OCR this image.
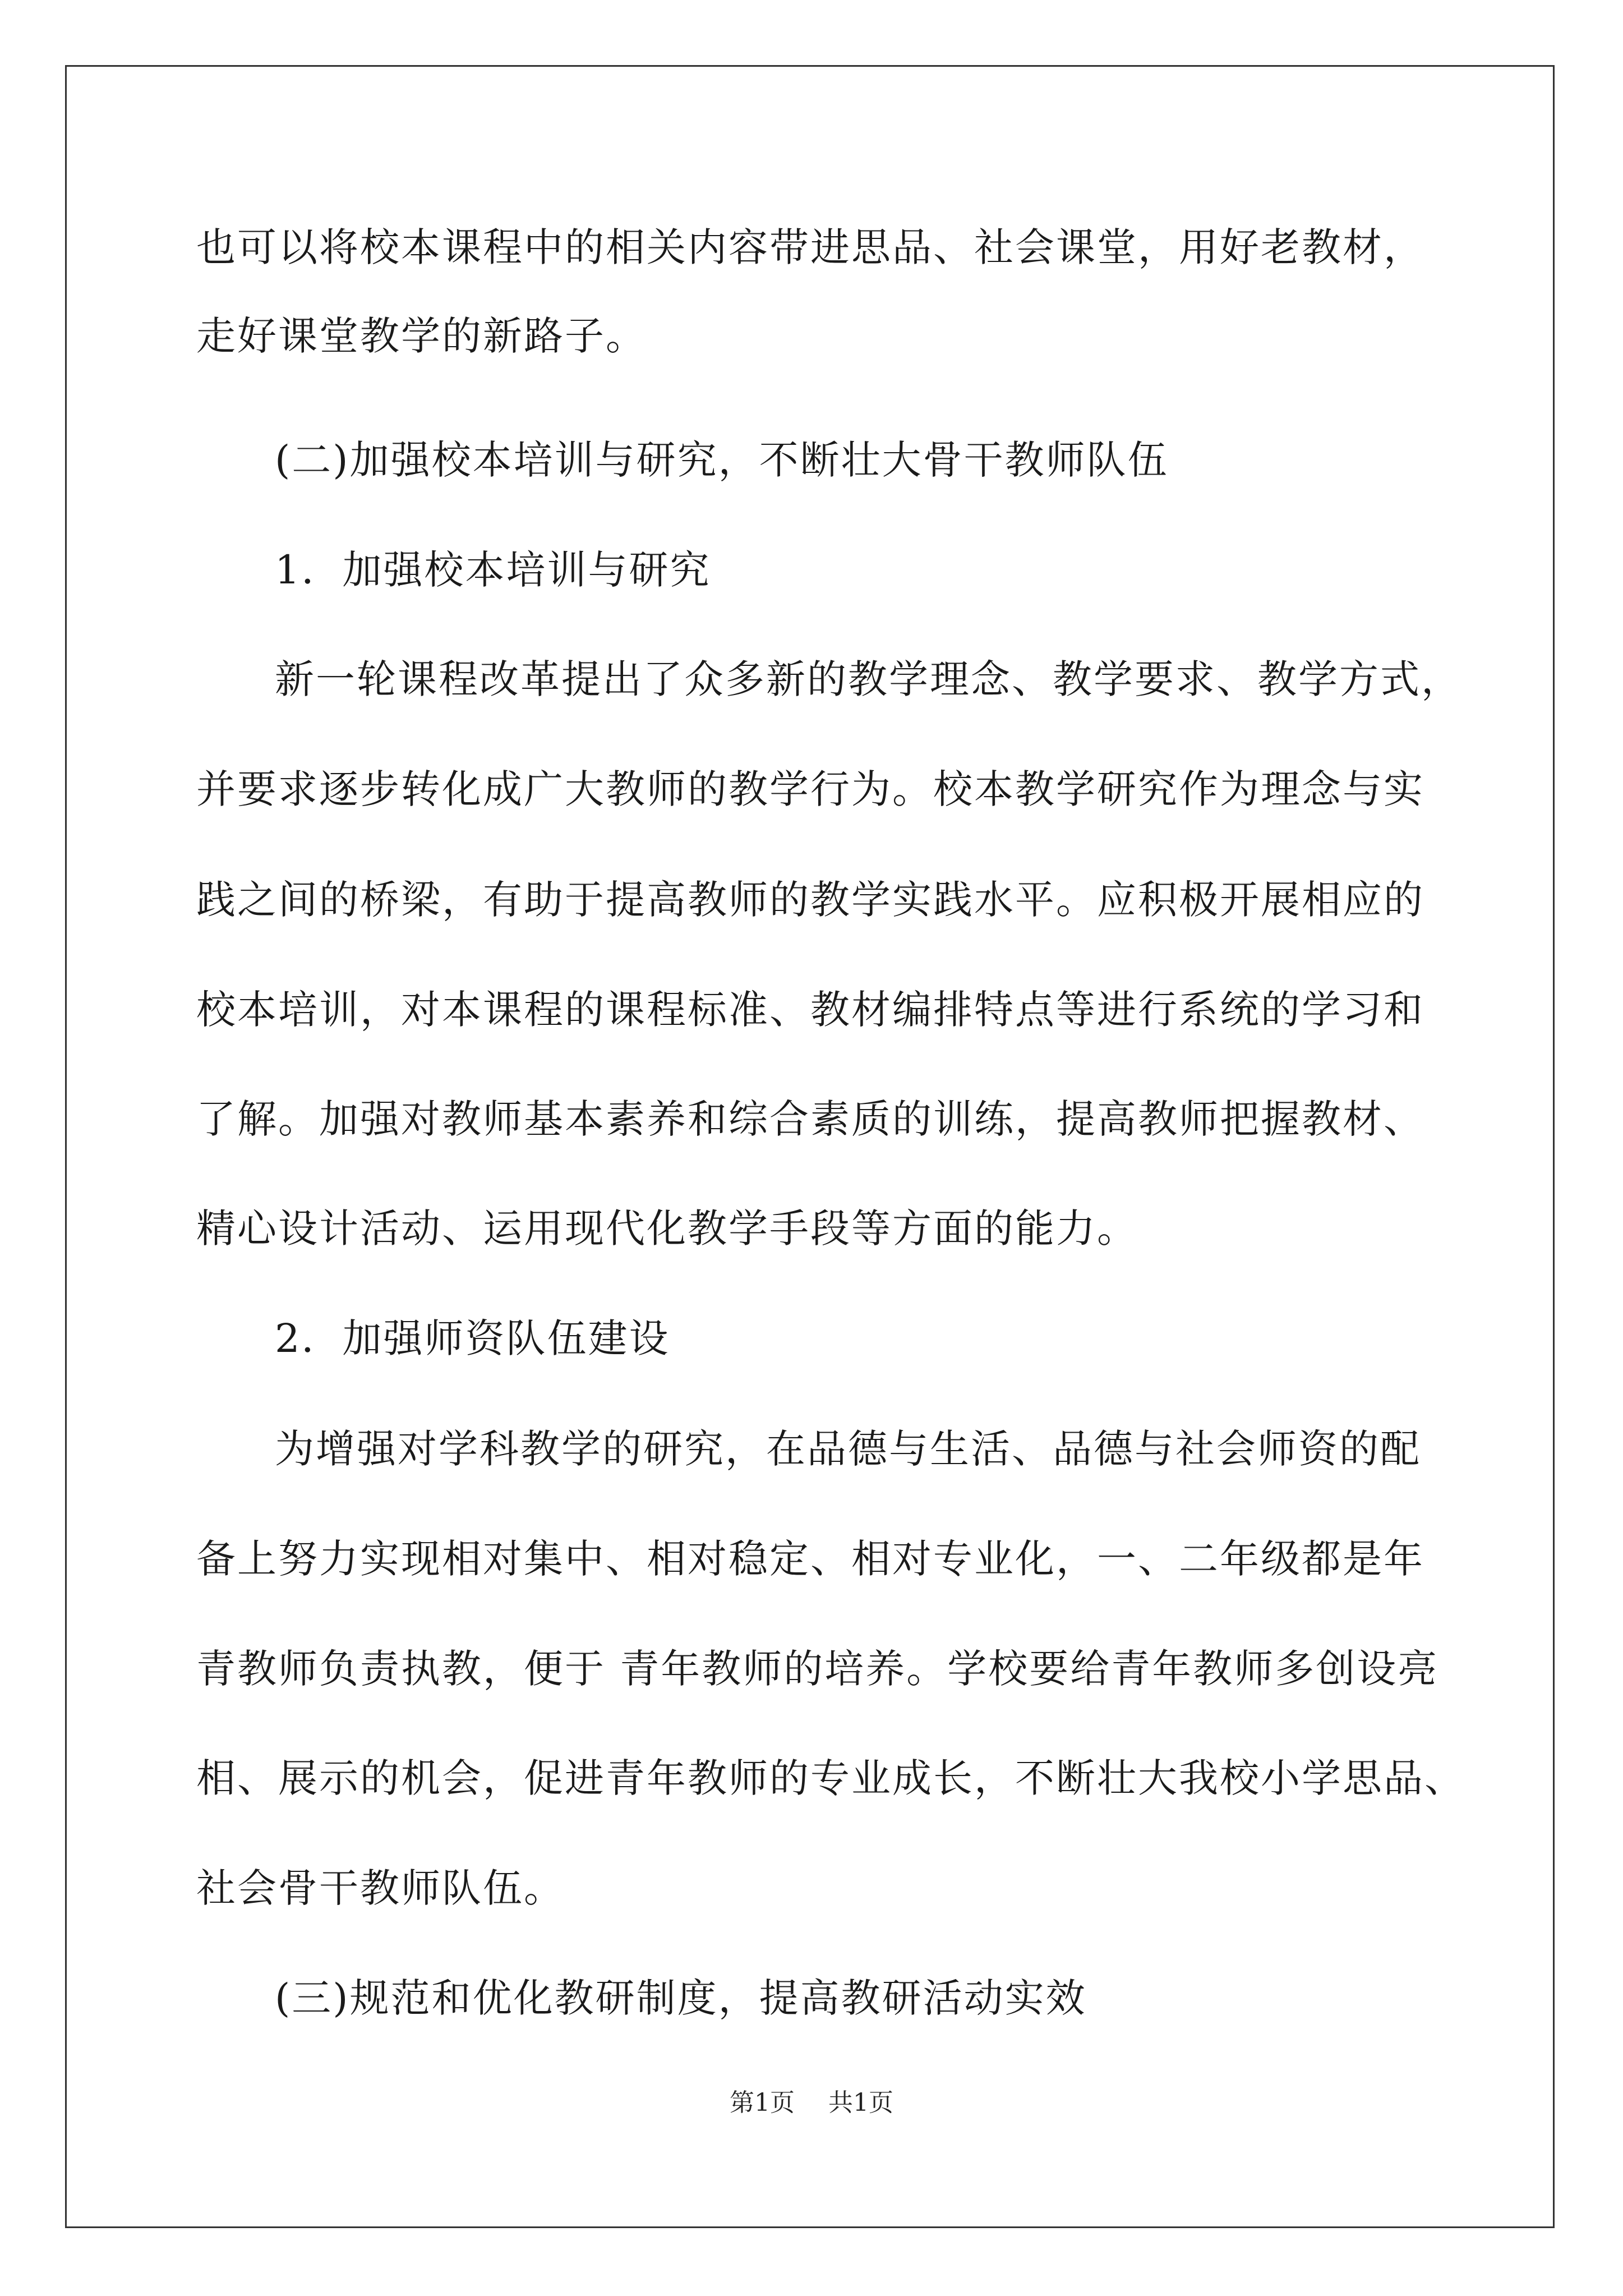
也可以将校本课程中的相关内容带进思品、社会课堂，用好老教材，
走好课堂教学的新路子。
(二)加强校本培训与研究，不断壮大骨干教师队伍
1．加强校本培训与研究
新一轮课程改革提出了众多新的教学理念、教学要求、教学方式，
并要求逐步转化成广大教师的教学行为。校本教学研究作为理念与实
践之间的桥梁，有助于提高教师的教学实践水平。应积极开展相应的
校本培训，对本课程的课程标准、教材编排特点等进行系统的学习和
了解。加强对教师基本素养和综合素质的训练，提高教师把握教材、
精心设计活动、运用现代化教学手段等方面的能力。
2．加强师资队伍建设
为增强对学科教学的研究，在品德与生活、品德与社会师资的配
备上努力实现相对集中、相对稳定、相对专业化，一、二年级都是年
青教师负责执教，便于 青年教师的培养。学校要给青年教师多创设亮
相、展示的机会，促进青年教师的专业成长，不断壮大我校小学思品、
社会骨干教师队伍。
(三)规范和优化教研制度，提高教研活动实效
第1页 共1页
